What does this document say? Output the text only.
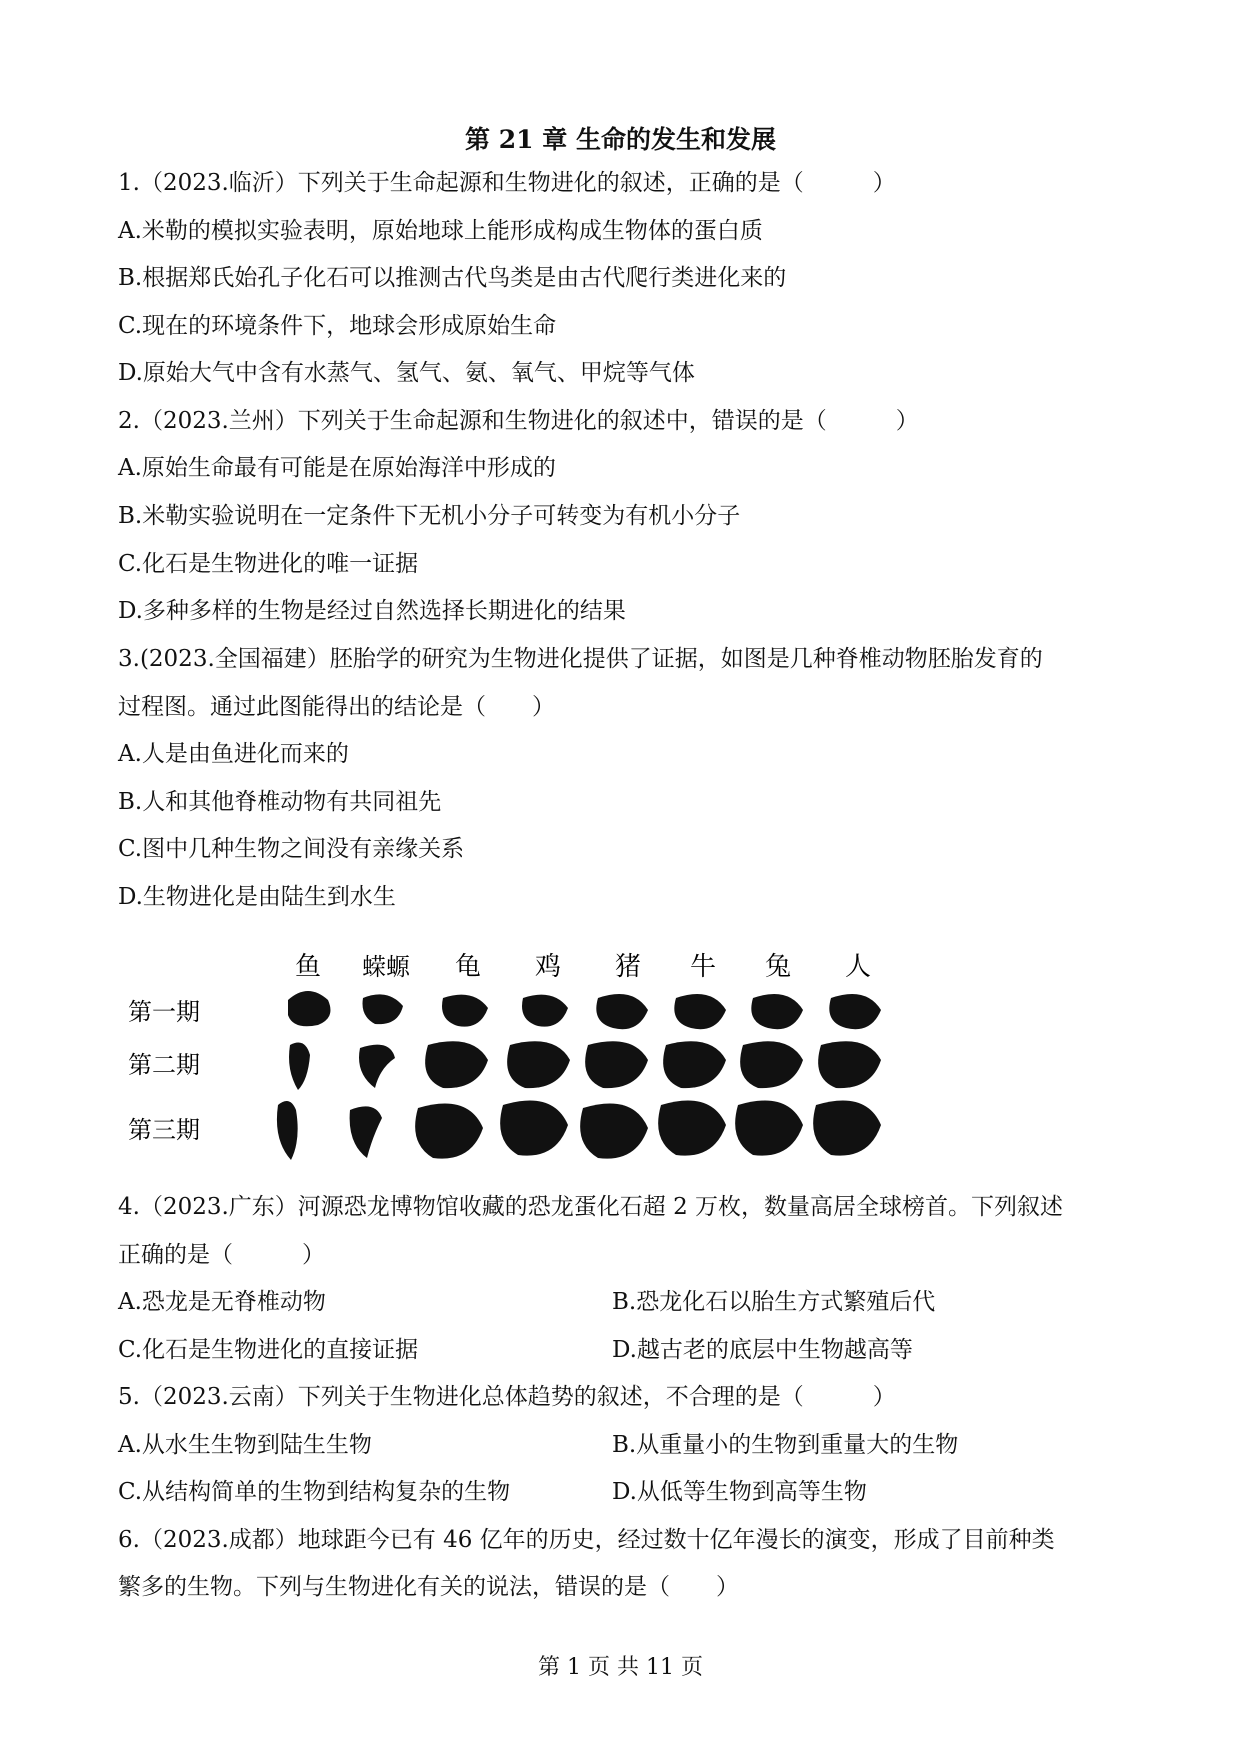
第 21 章 生命的发生和发展
1.（2023.临沂）下列关于生命起源和生物进化的叙述，正确的是（　　　）
A.米勒的模拟实验表明，原始地球上能形成构成生物体的蛋白质
B.根据郑氏始孔子化石可以推测古代鸟类是由古代爬行类进化来的
C.现在的环境条件下，地球会形成原始生命
D.原始大气中含有水蒸气、氢气、氨、氧气、甲烷等气体
2.（2023.兰州）下列关于生命起源和生物进化的叙述中，错误的是（　　　）
A.原始生命最有可能是在原始海洋中形成的
B.米勒实验说明在一定条件下无机小分子可转变为有机小分子
C.化石是生物进化的唯一证据
D.多种多样的生物是经过自然选择长期进化的结果
3.(2023.全国福建）胚胎学的研究为生物进化提供了证据，如图是几种脊椎动物胚胎发育的
过程图。通过此图能得出的结论是（　　）
A.人是由鱼进化而来的
B.人和其他脊椎动物有共同祖先
C.图中几种生物之间没有亲缘关系
D.生物进化是由陆生到水生
鱼 蝾螈 龟 鸡 猪 牛 兔 人
第一期
第二期
第三期
4.（2023.广东）河源恐龙博物馆收藏的恐龙蛋化石超 2 万枚，数量高居全球榜首。下列叙述
正确的是（　　　）
A.恐龙是无脊椎动物	B.恐龙化石以胎生方式繁殖后代
C.化石是生物进化的直接证据	D.越古老的底层中生物越高等
5.（2023.云南）下列关于生物进化总体趋势的叙述，不合理的是（　　　）
A.从水生生物到陆生生物	B.从重量小的生物到重量大的生物
C.从结构简单的生物到结构复杂的生物	D.从低等生物到高等生物
6.（2023.成都）地球距今已有 46 亿年的历史，经过数十亿年漫长的演变，形成了目前种类
繁多的生物。下列与生物进化有关的说法，错误的是（　　）
第 1 页 共 11 页
